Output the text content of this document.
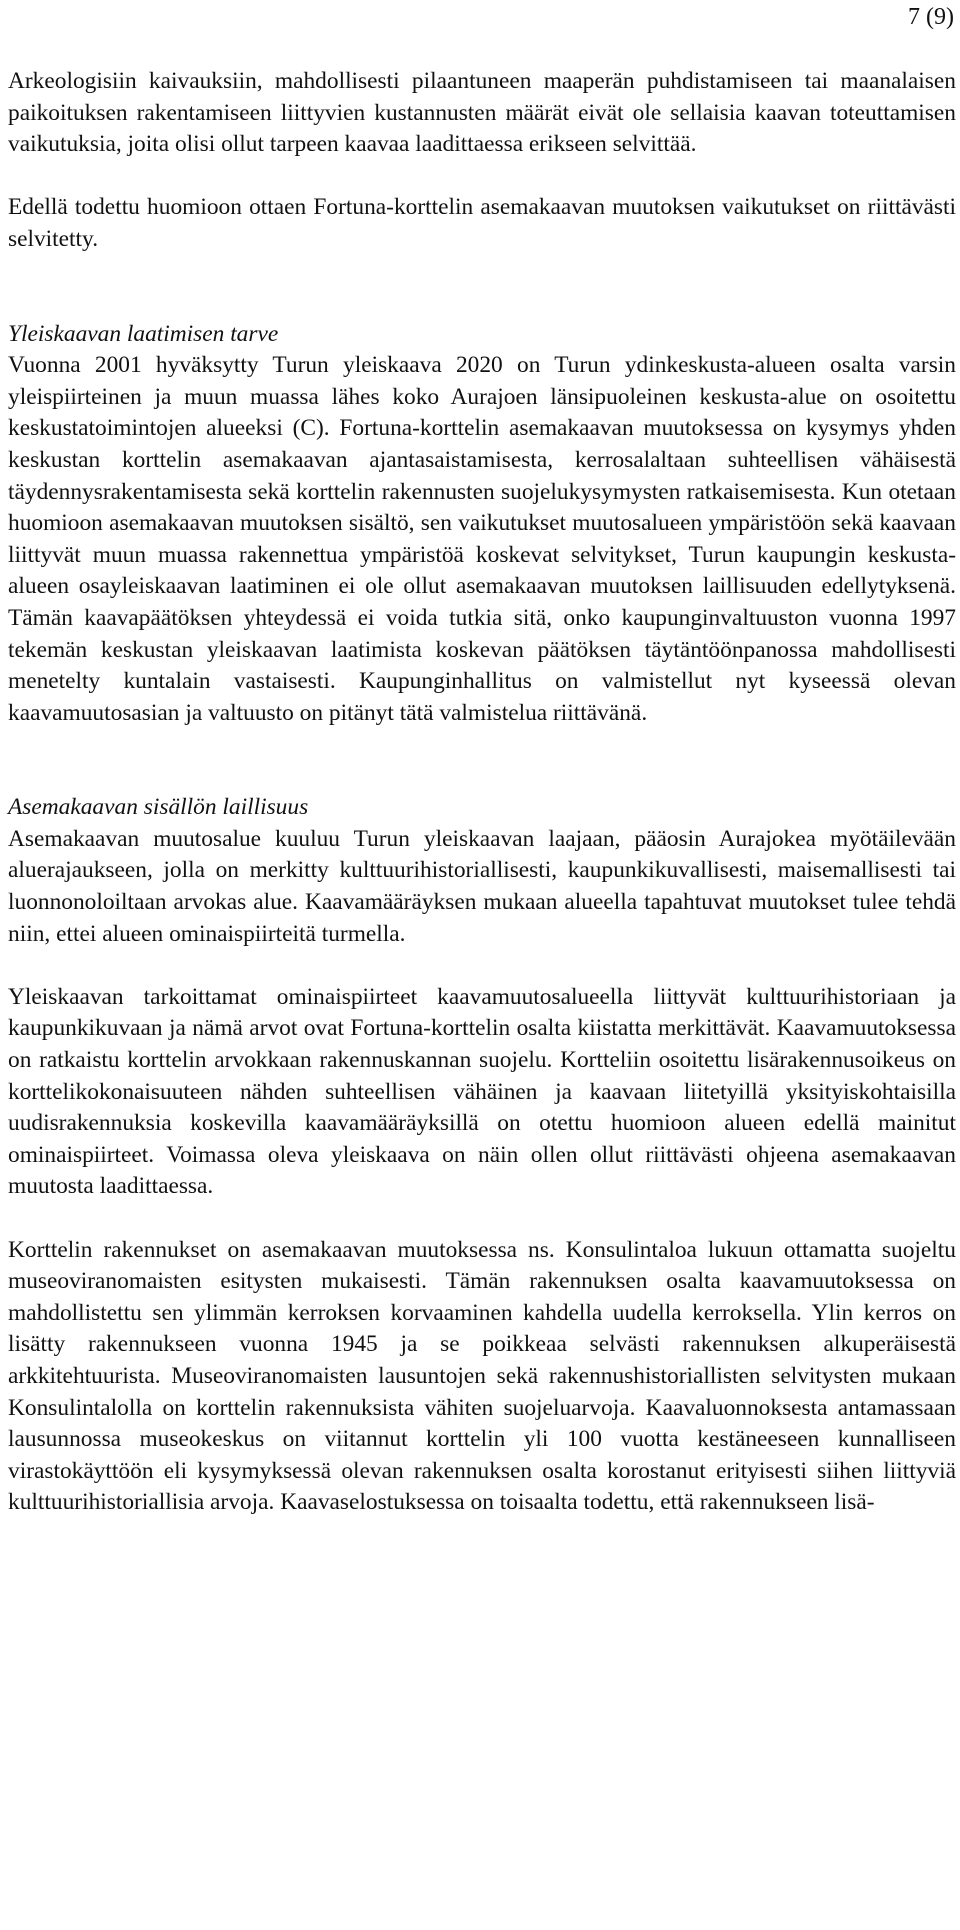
7 (9)

Arkeologisiin kaivauksiin, mahdollisesti pilaantuneen maaperän puhdistamiseen tai maanalaisen paikoituksen rakentamiseen liittyvien kustannusten määrät eivät ole sellaisia kaavan toteuttamisen vaikutuksia, joita olisi ollut tarpeen kaavaa laadittaessa erikseen selvittää.

Edellä todettu huomioon ottaen Fortuna-korttelin asemakaavan muutoksen vaikutukset on riittävästi selvitetty.

Yleiskaavan laatimisen tarve

Vuonna 2001 hyväksytty Turun yleiskaava 2020 on Turun ydinkeskusta-alueen osalta varsin yleispiirteinen ja muun muassa lähes koko Aurajoen länsipuoleinen keskusta-alue on osoitettu keskustatoimintojen alueeksi (C). Fortuna-korttelin asemakaavan muutoksessa on kysymys yhden keskustan korttelin asemakaavan ajantasaistamisesta, kerrosalaltaan suhteellisen vähäisestä täydennysrakentamisesta sekä korttelin rakennusten suojelukysymysten ratkaisemisesta. Kun otetaan huomioon asemakaavan muutoksen sisältö, sen vaikutukset muutosalueen ympäristöön sekä kaavaan liittyvät muun muassa rakennettua ympäristöä koskevat selvitykset, Turun kaupungin keskusta-alueen osayleiskaavan laatiminen ei ole ollut asemakaavan muutoksen laillisuuden edellytyksenä. Tämän kaavapäätöksen yhteydessä ei voida tutkia sitä, onko kaupunginvaltuuston vuonna 1997 tekemän keskustan yleiskaavan laatimista koskevan päätöksen täytäntöönpanossa mahdollisesti menetelty kuntalain vastaisesti. Kaupunginhallitus on valmistellut nyt kyseessä olevan kaavamuutosasian ja valtuusto on pitänyt tätä valmistelua riittävänä.

Asemakaavan sisällön laillisuus

Asemakaavan muutosalue kuuluu Turun yleiskaavan laajaan, pääosin Aurajokea myötäilevään aluerajaukseen, jolla on merkitty kulttuurihistoriallisesti, kaupunkikuvallisesti, maisemallisesti tai luonnonoloiltaan arvokas alue. Kaavamääräyksen mukaan alueella tapahtuvat muutokset tulee tehdä niin, ettei alueen ominaispiirteitä turmella.

Yleiskaavan tarkoittamat ominaispiirteet kaavamuutosalueella liittyvät kulttuurihistoriaan ja kaupunkikuvaan ja nämä arvot ovat Fortuna-korttelin osalta kiistatta merkittävät. Kaavamuutoksessa on ratkaistu korttelin arvokkaan rakennuskannan suojelu. Kortteliin osoitettu lisärakennusoikeus on korttelikokonaisuuteen nähden suhteellisen vähäinen ja kaavaan liitetyillä yksityiskohtaisilla uudisrakennuksia koskevilla kaavamääräyksillä on otettu huomioon alueen edellä mainitut ominaispiirteet. Voimassa oleva yleiskaava on näin ollen ollut riittävästi ohjeena asemakaavan muutosta laadittaessa.

Korttelin rakennukset on asemakaavan muutoksessa ns. Konsulintaloa lukuun ottamatta suojeltu museoviranomaisten esitysten mukaisesti. Tämän rakennuksen osalta kaavamuutoksessa on mahdollistettu sen ylimmän kerroksen korvaaminen kahdella uudella kerroksella. Ylin kerros on lisätty rakennukseen vuonna 1945 ja se poikkeaa selvästi rakennuksen alkuperäisestä arkkitehtuurista. Museoviranomaisten lausuntojen sekä rakennushistoriallisten selvitysten mukaan Konsulintalolla on korttelin rakennuksista vähiten suojeluarvoja. Kaavaluonnoksesta antamassaan lausunnossa museokeskus on viitannut korttelin yli 100 vuotta kestäneeseen kunnalliseen virastokäyttöön eli kysymyksessä olevan rakennuksen osalta korostanut erityisesti siihen liittyviä kulttuurihistoriallisia arvoja. Kaavaselostuksessa on toisaalta todettu, että rakennukseen lisä-
